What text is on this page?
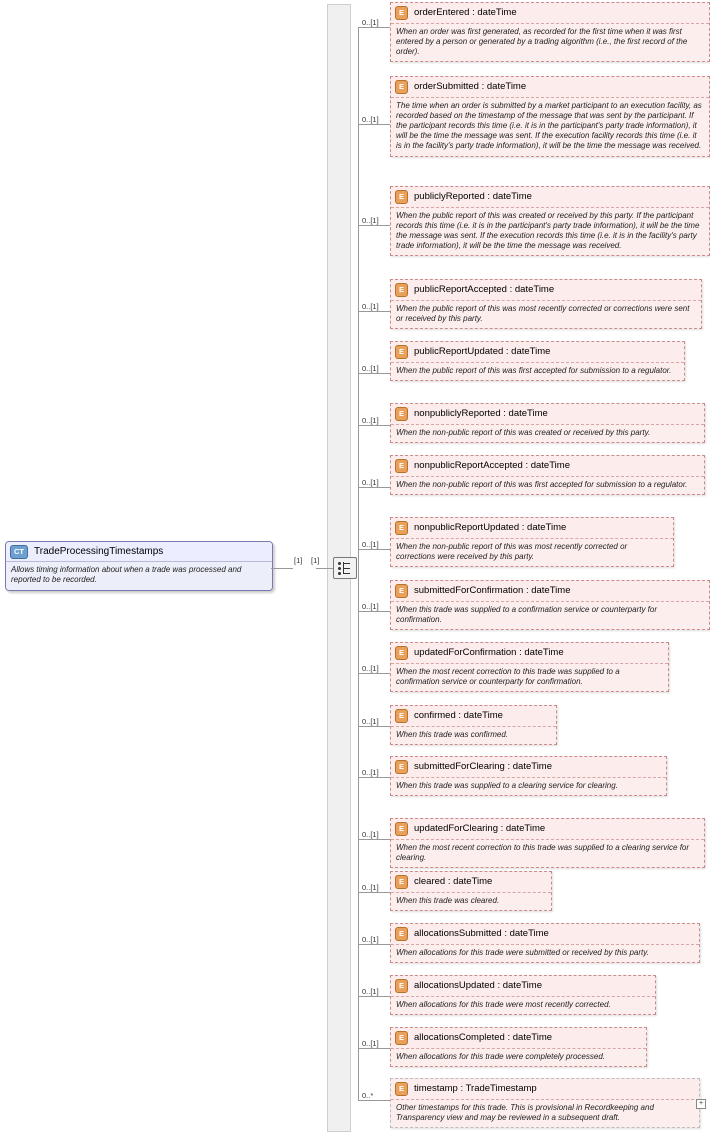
CT	TradeProcessingTimestamps
Allows timing information about when a trade was processed and reported to be recorded.
[1] [1]
0..[1]
E	orderEntered : dateTime
When an order was first generated, as recorded for the first time when it was first entered by a person or generated by a trading algorithm (i.e., the first record of the order).
0..[1]
E	orderSubmitted : dateTime
The time when an order is submitted by a market participant to an execution facility, as recorded based on the timestamp of the message that was sent by the participant. If the participant records this time (i.e. it is in the participant's party trade information), it will be the time the message was sent. If the execution facility records this time (i.e. it is in the facility's party trade information), it will be the time the message was received.
0..[1]
E	publiclyReported : dateTime
When the public report of this was created or received by this party. If the participant records this time (i.e. it is in the participant's party trade information), it will be the time the message was sent. If the execution records this time (i.e. it is in the facility's party trade information), it will be the time the message was received.
0..[1]
E	publicReportAccepted : dateTime
When the public report of this was most recently corrected or corrections were sent or received by this party.
0..[1]
E	publicReportUpdated : dateTime
When the public report of this was first accepted for submission to a regulator.
0..[1]
E	nonpubliclyReported : dateTime
When the non-public report of this was created or received by this party.
0..[1]
E	nonpublicReportAccepted : dateTime
When the non-public report of this was first accepted for submission to a regulator.
0..[1]
E	nonpublicReportUpdated : dateTime
When the non-public report of this was most recently corrected or corrections were received by this party.
0..[1]
E	submittedForConfirmation : dateTime
When this trade was supplied to a confirmation service or counterparty for confirmation.
0..[1]
E	updatedForConfirmation : dateTime
When the most recent correction to this trade was supplied to a confirmation service or counterparty for confirmation.
0..[1]
E	confirmed : dateTime
When this trade was confirmed.
0..[1]
E	submittedForClearing : dateTime
When this trade was supplied to a clearing service for clearing.
0..[1]
E	updatedForClearing : dateTime
When the most recent correction to this trade was supplied to a clearing service for clearing.
0..[1]
E	cleared : dateTime
When this trade was cleared.
0..[1]
E	allocationsSubmitted : dateTime
When allocations for this trade were submitted or received by this party.
0..[1]
E	allocationsUpdated : dateTime
When allocations for this trade were most recently corrected.
0..[1]
E	allocationsCompleted : dateTime
When allocations for this trade were completely processed.
0..*
E	timestamp : TradeTimestamp
Other timestamps for this trade. This is provisional in Recordkeeping and Transparency view and may be reviewed in a subsequent draft.
+
